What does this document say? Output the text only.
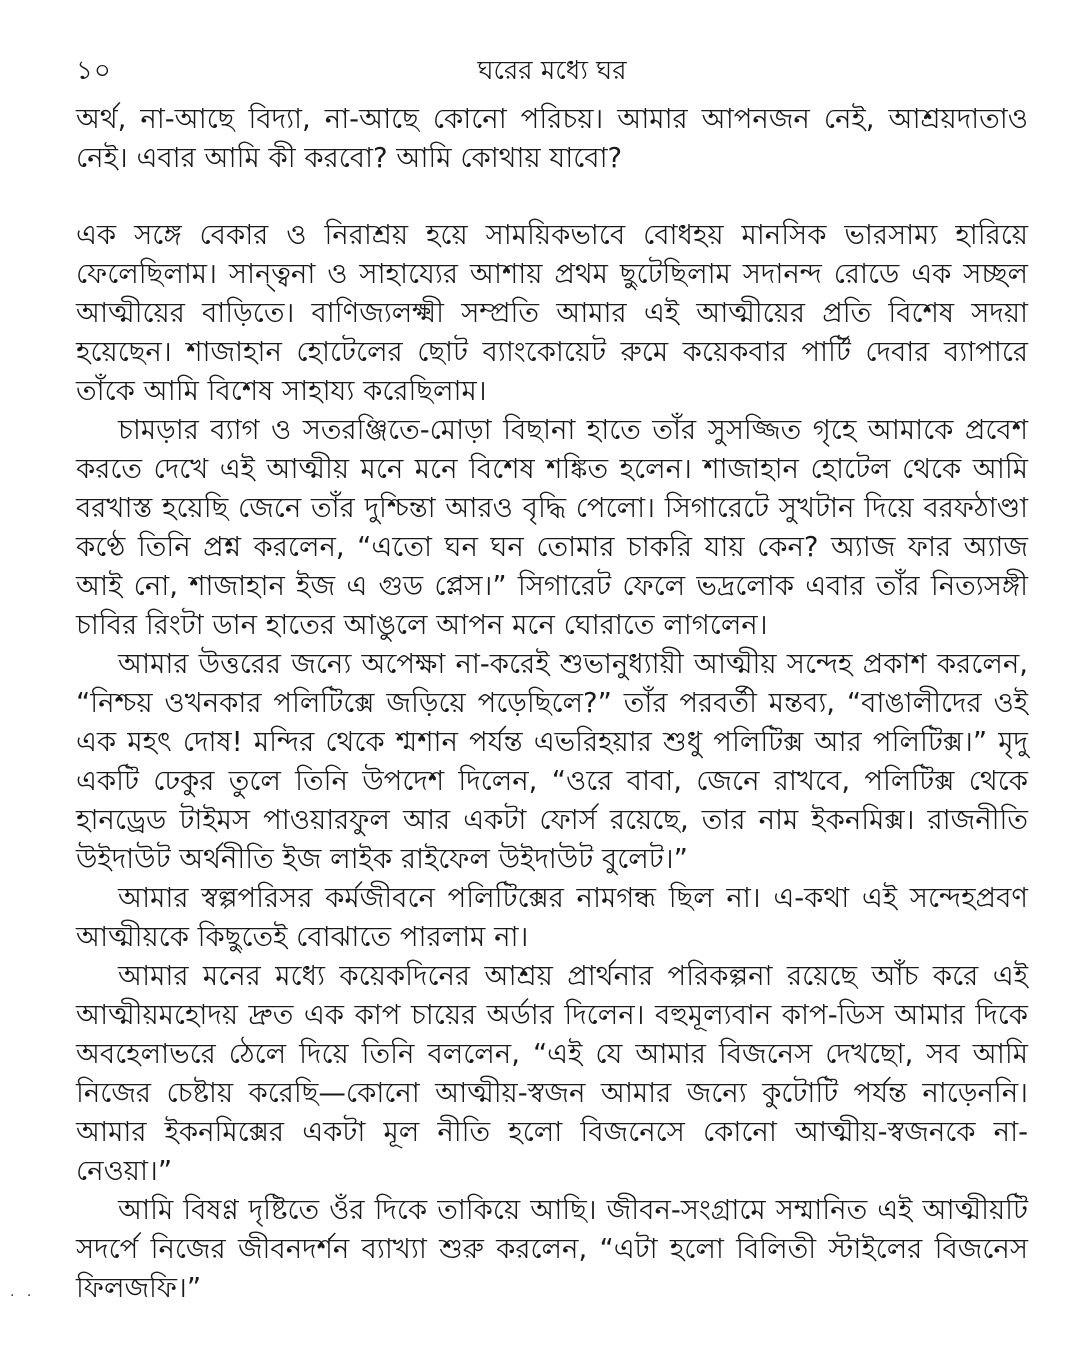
১০	ঘরের মধ্যে ঘর

অর্থ, না-আছে বিদ্যা, না-আছে কোনো পরিচয়। আমার আপনজন নেই, আশ্রয়দাতাও নেই। এবার আমি কী করবো? আমি কোথায় যাবো?

এক সঙ্গে বেকার ও নিরাশ্রয় হয়ে সাময়িকভাবে বোধহয় মানসিক ভারসাম্য হারিয়ে ফেলেছিলাম। সান্ত্বনা ও সাহায্যের আশায় প্রথম ছুটেছিলাম সদানন্দ রোডে এক সচ্ছল আত্মীয়ের বাড়িতে। বাণিজ্যলক্ষ্মী সম্প্রতি আমার এই আত্মীয়ের প্রতি বিশেষ সদয়া হয়েছেন। শাজাহান হোটেলের ছোট ব্যাংকোয়েট রুমে কয়েকবার পার্টি দেবার ব্যাপারে তাঁকে আমি বিশেষ সাহায্য করেছিলাম।

চামড়ার ব্যাগ ও সতরঞ্জিতে-মোড়া বিছানা হাতে তাঁর সুসজ্জিত গৃহে আমাকে প্রবেশ করতে দেখে এই আত্মীয় মনে মনে বিশেষ শঙ্কিত হলেন। শাজাহান হোটেল থেকে আমি বরখাস্ত হয়েছি জেনে তাঁর দুশ্চিন্তা আরও বৃদ্ধি পেলো। সিগারেটে সুখটান দিয়ে বরফঠাণ্ডা কণ্ঠে তিনি প্রশ্ন করলেন, “এতো ঘন ঘন তোমার চাকরি যায় কেন? অ্যাজ ফার অ্যাজ আই নো, শাজাহান ইজ এ গুড প্লেস।” সিগারেট ফেলে ভদ্রলোক এবার তাঁর নিত্যসঙ্গী চাবির রিংটা ডান হাতের আঙুলে আপন মনে ঘোরাতে লাগলেন।

আমার উত্তরের জন্যে অপেক্ষা না-করেই শুভানুধ্যায়ী আত্মীয় সন্দেহ প্রকাশ করলেন, “নিশ্চয় ওখনকার পলিটিক্সে জড়িয়ে পড়েছিলে?” তাঁর পরবর্তী মন্তব্য, “বাঙালীদের ওই এক মহৎ দোষ! মন্দির থেকে শ্মশান পর্যন্ত এভরিহয়ার শুধু পলিটিক্স আর পলিটিক্স।” মৃদু একটি ঢেকুর তুলে তিনি উপদেশ দিলেন, “ওরে বাবা, জেনে রাখবে, পলিটিক্স থেকে হানড্রেড টাইমস পাওয়ারফুল আর একটা ফোর্স রয়েছে, তার নাম ইকনমিক্স। রাজনীতি উইদাউট অর্থনীতি ইজ লাইক রাইফেল উইদাউট বুলেট।”

আমার স্বল্পপরিসর কর্মজীবনে পলিটিক্সের নামগন্ধ ছিল না। এ-কথা এই সন্দেহপ্রবণ আত্মীয়কে কিছুতেই বোঝাতে পারলাম না।

আমার মনের মধ্যে কয়েকদিনের আশ্রয় প্রার্থনার পরিকল্পনা রয়েছে আঁচ করে এই আত্মীয়মহোদয় দ্রুত এক কাপ চায়ের অর্ডার দিলেন। বহুমূল্যবান কাপ-ডিস আমার দিকে অবহেলাভরে ঠেলে দিয়ে তিনি বললেন, “এই যে আমার বিজনেস দেখছো, সব আমি নিজের চেষ্টায় করেছি—কোনো আত্মীয়-স্বজন আমার জন্যে কুটোটি পর্যন্ত নাড়েননি। আমার ইকনমিক্সের একটা মূল নীতি হলো বিজনেসে কোনো আত্মীয়-স্বজনকে না-নেওয়া।”

আমি বিষণ্ণ দৃষ্টিতে ওঁর দিকে তাকিয়ে আছি। জীবন-সংগ্রামে সম্মানিত এই আত্মীয়টি সদর্পে নিজের জীবনদর্শন ব্যাখ্যা শুরু করলেন, “এটা হলো বিলিতী স্টাইলের বিজনেস ফিলজফি।”

. .
